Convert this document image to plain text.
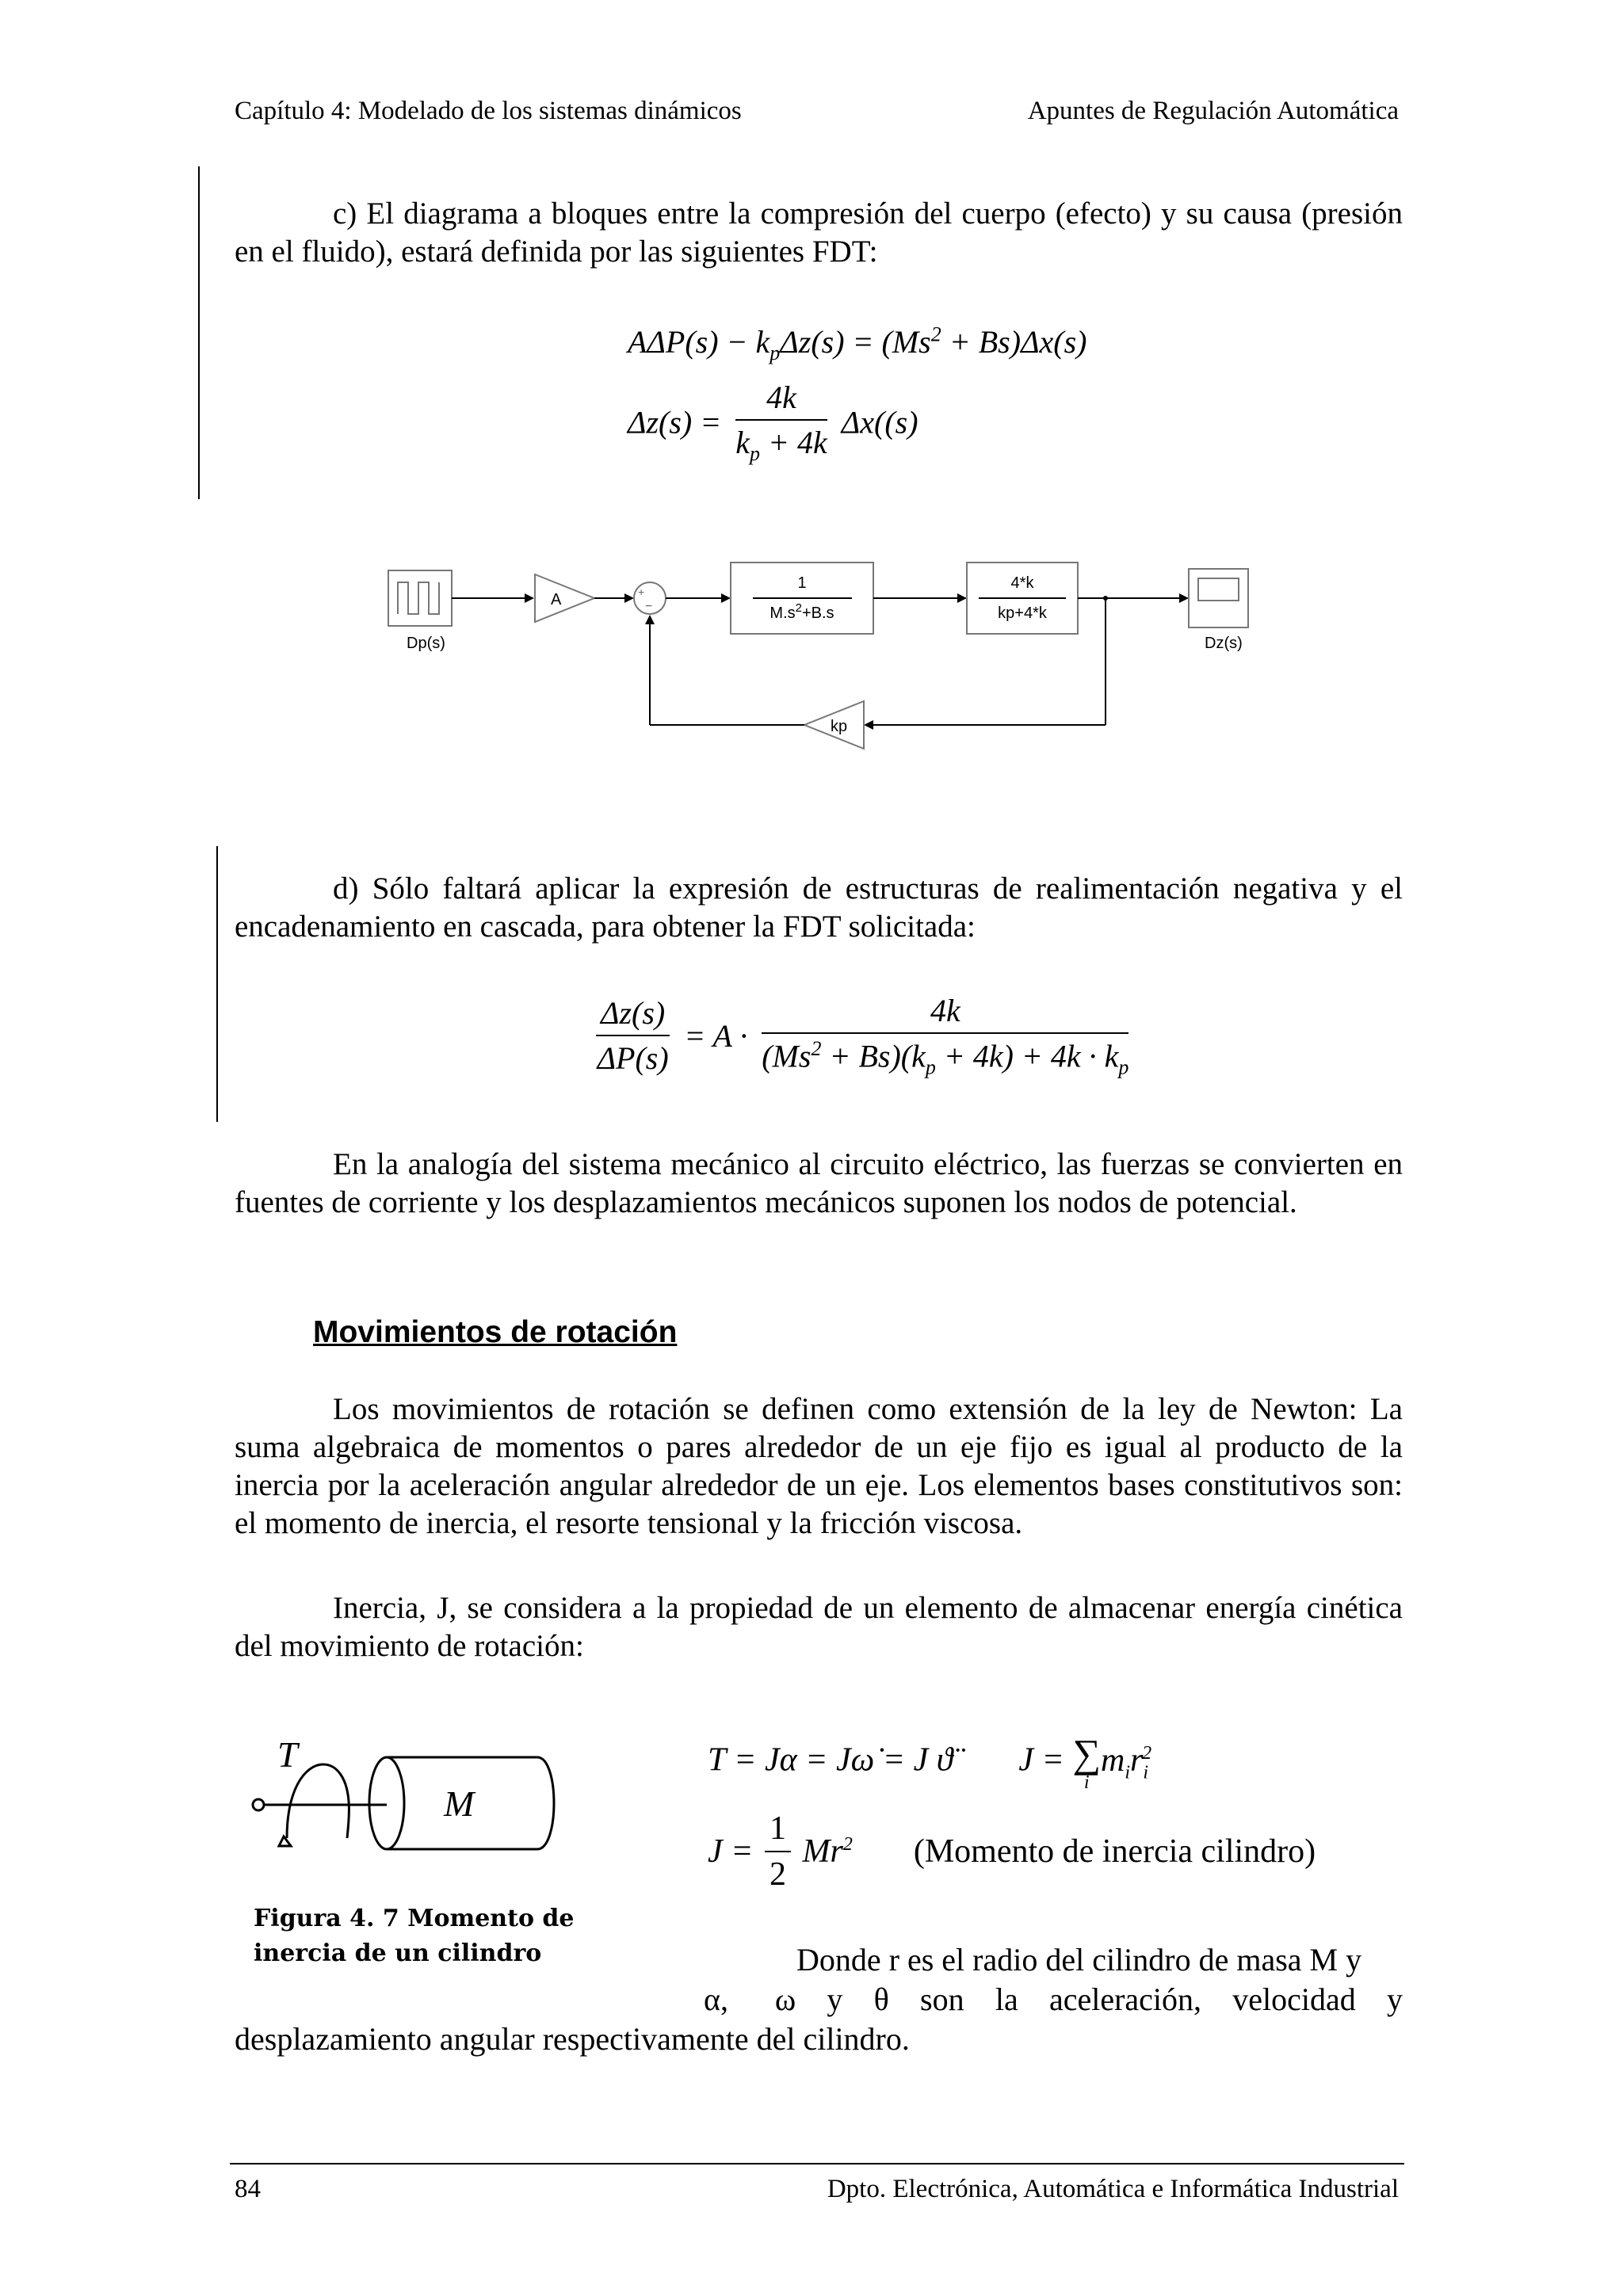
Capítulo 4: Modelado de los sistemas dinámicos	Apuntes de Regulación Automática
c) El diagrama a bloques entre la compresión del cuerpo (efecto) y su causa (presión en el fluido), estará definida por las siguientes FDT:
$A\Delta P(s) - k_p\Delta z(s) = (Ms^2 + Bs)\Delta x(s)$
$\Delta z(s) = \frac{4k}{k_p + 4k} \Delta x((s)$
Dp(s)
A	+
−
1
$M.s^2+B.s$
4*k
kp+4*k
Dz(s)
kp
d) Sólo faltará aplicar la expresión de estructuras de realimentación negativa y el encadenamiento en cascada, para obtener la FDT solicitada:
$\frac{\Delta z(s)}{\Delta P(s)} = A \cdot \frac{4k}{(Ms^2 + Bs)(k_p + 4k) + 4k \cdot k_p}$
En la analogía del sistema mecánico al circuito eléctrico, las fuerzas se convierten en fuentes de corriente y los desplazamientos mecánicos suponen los nodos de potencial.
Movimientos de rotación
Los movimientos de rotación se definen como extensión de la ley de Newton: La suma algebraica de momentos o pares alrededor de un eje fijo es igual al producto de la inercia por la aceleración angular alrededor de un eje. Los elementos bases constitutivos son: el momento de inercia, el resorte tensional y la fricción viscosa.
Inercia, J, se considera a la propiedad de un elemento de almacenar energía cinética del movimiento de rotación:
T
M
Figura 4. 7 Momento de inercia de un cilindro
T = Jα = Jω̇ = J ϑ̈ J = ∑
i
$m_ir_i^2$
$J = \frac{1}{2} Mr^2$ (Momento de inercia cilindro)
Donde r es el radio del cilindro de masa M y
α,   ω  y  θ  son  la  aceleración,  velocidad  y
desplazamiento angular respectivamente del cilindro.
84	Dpto. Electrónica, Automática e Informática Industrial
